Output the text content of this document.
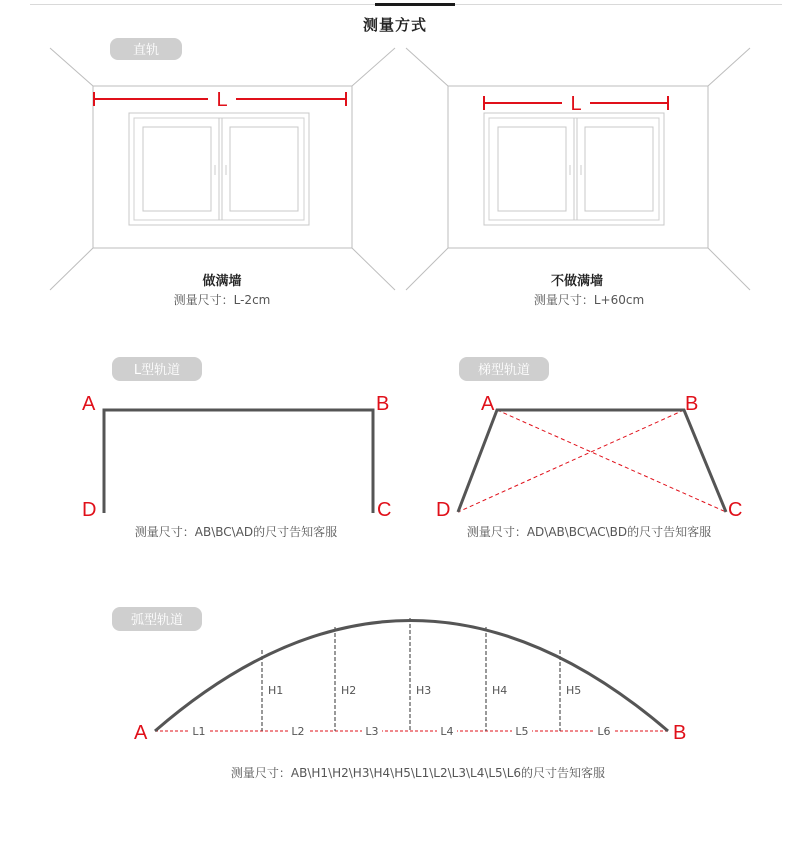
测量方式
L
直轨
做满墙
测量尺寸：L-2cm
L
不做满墙
测量尺寸：L+60cm
L型轨道
A	B
C
D
测量尺寸：AB\BC\AD的尺寸告知客服
梯型轨道
A	B
C
D
测量尺寸：AD\AB\BC\AC\BD的尺寸告知客服
弧型轨道
H1	H2	H3	H4	H5
L1	L2	L3	L4	L5	L6
A	B
测量尺寸：AB\H1\H2\H3\H4\H5\L1\L2\L3\L4\L5\L6的尺寸告知客服
